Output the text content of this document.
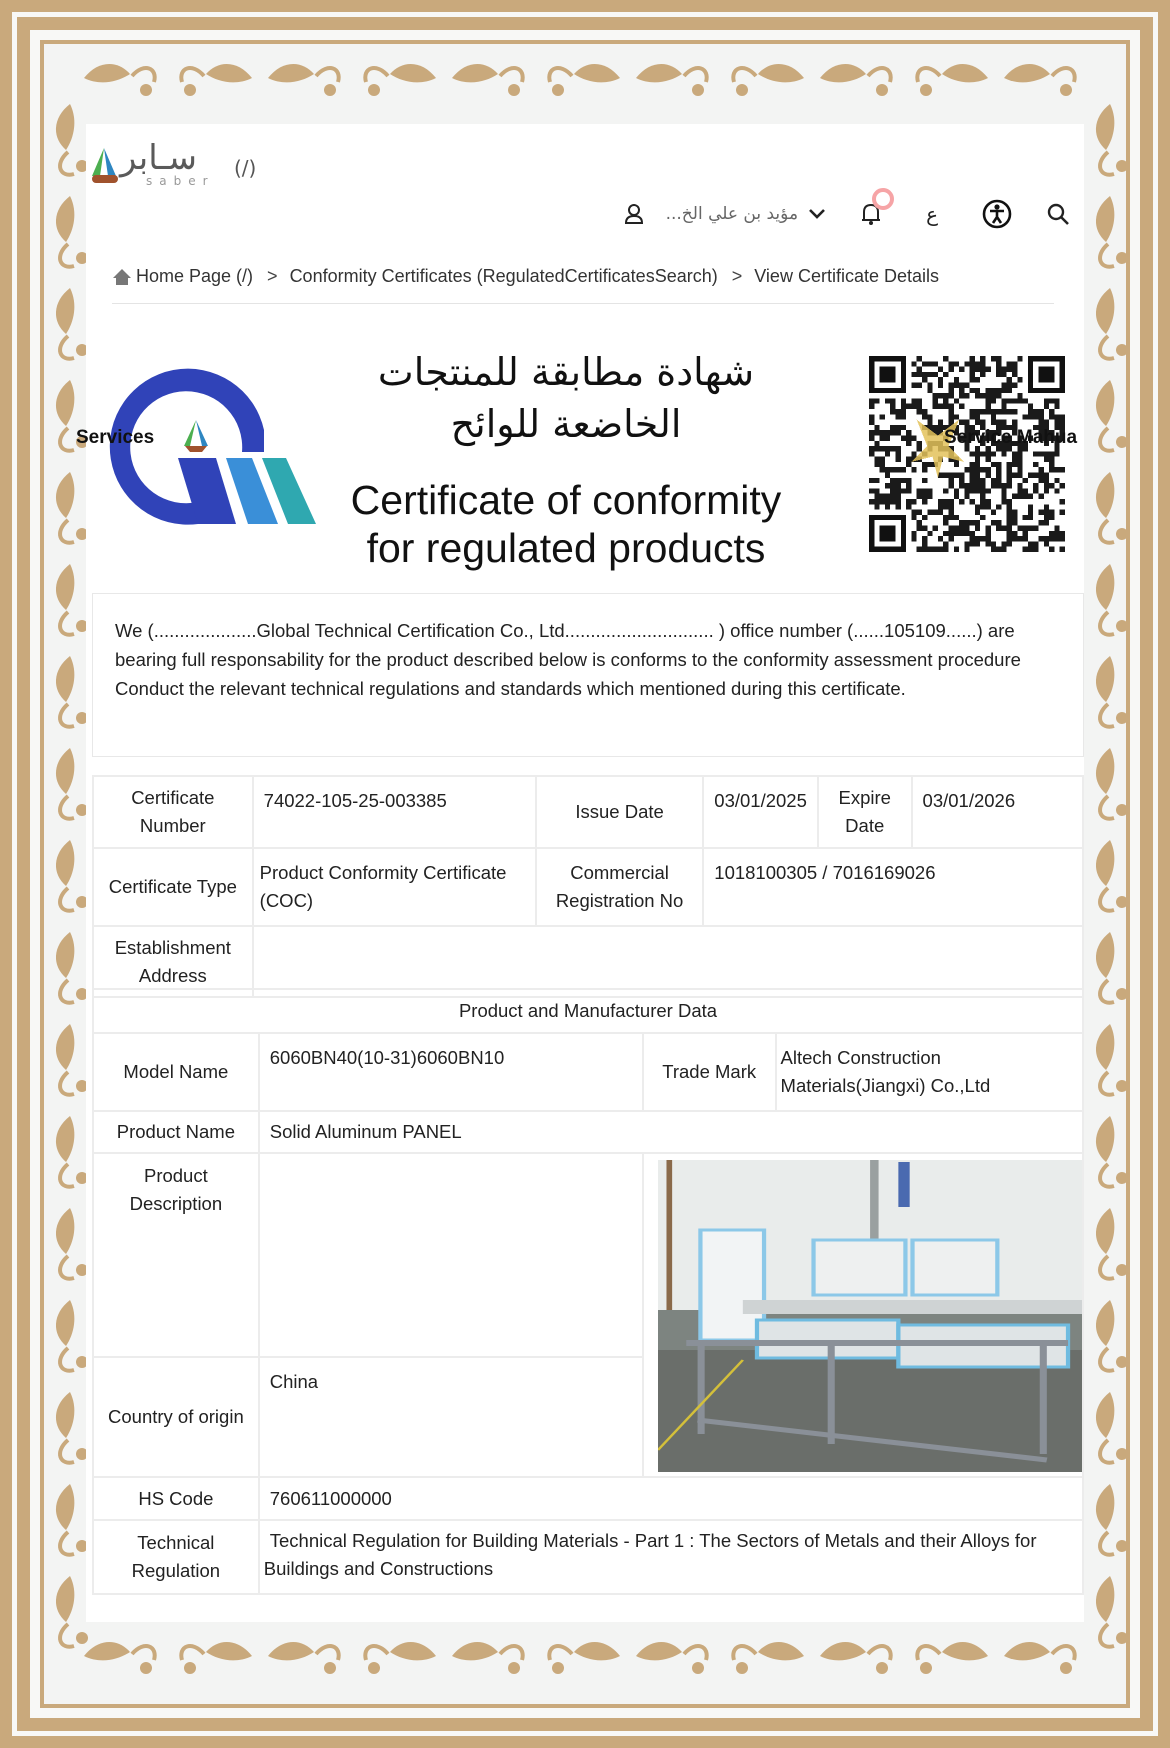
سـابر
saber
(/)
مؤيد بن علي الخ...	ع
Home Page (/) > Conformity Certificates (RegulatedCertificatesSearch) > View Certificate Details
Services
شهادة مطابقة للمنتجات
الخاضعة للوائح
Certificate of conformity
for regulated products
Service Mahua
We (....................Global Technical Certification Co., Ltd............................. ) office number (......105109......) are bearing full responsability for the product described below is conforms to the conformity assessment procedure Conduct the relevant technical regulations and standards which mentioned during this certificate.
Certificate Number	74022-105-25-003385	Issue Date	03/01/2025	Expire Date	03/01/2026
Certificate Type	Product Conformity Certificate (COC)	Commercial Registration No	1018100305 / 7016169026		
Establishment Address					
Product and Manufacturer Data			
Model Name	6060BN40(10-31)6060BN10	Trade Mark	Altech Construction Materials(Jiangxi) Co.,Ltd
Product Name	Solid Aluminum PANEL		
Product Description		

Country of origin	China		
HS Code	760611000000		
Technical Regulation	Technical Regulation for Building Materials - Part 1 : The Sectors of Metals and their Alloys for Buildings and Constructions		
